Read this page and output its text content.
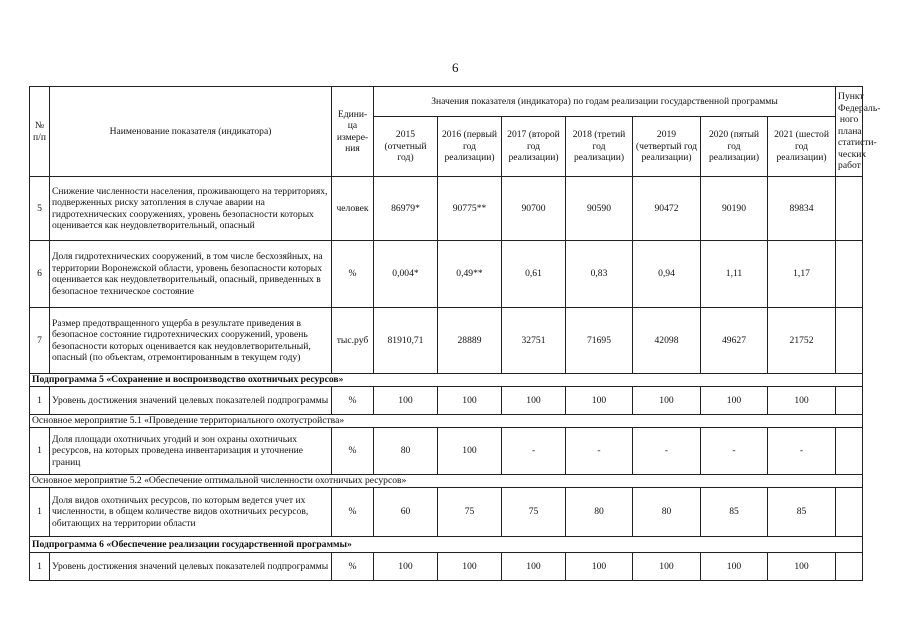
6
№ п/п	Наименование показателя (индикатора)	Едини- ца измере- ния	Значения показателя (индикатора) по годам реализации государственной программы							Пункт Федераль- ного плана статисти- ческих работ
			2015 (отчетный год)	2016 (первый год реализации)	2017 (второй год реализации)	2018 (третий год реализации)	2019 (четвертый год реализации)	2020 (пятый год реализации)	2021 (шестой год реализации)	
5	Снижение численности населения, проживающего на территориях, подверженных риску затопления в случае аварии на гидротехнических сооружениях, уровень безопасности которых оценивается как неудовлетворительный, опасный	человек	86979*	90775**	90700	90590	90472	90190	89834	
6	Доля гидротехнических сооружений, в том числе бесхозяйных, на территории Воронежской области, уровень безопасности которых оценивается как неудовлетворительный, опасный, приведенных в безопасное техническое состояние	%	0,004*	0,49**	0,61	0,83	0,94	1,11	1,17	
7	Размер предотвращенного ущерба в результате приведения в безопасное состояние гидротехнических сооружений, уровень безопасности которых оценивается как неудовлетворительный, опасный (по объектам, отремонтированным в текущем году)	тыс.руб	81910,71	28889	32751	71695	42098	49627	21752	
Подпрограмма 5 «Сохранение и воспроизводство охотничьих ресурсов»										
1	Уровень достижения значений целевых показателей подпрограммы	%	100	100	100	100	100	100	100	
Основное мероприятие 5.1 «Проведение территориального охотустройства»										
1	Доля площади охотничьих угодий и зон охраны охотничьих ресурсов, на которых проведена инвентаризация и уточнение границ	%	80	100	-	-	-	-	-	
Основное мероприятие 5.2 «Обеспечение оптимальной численности охотничьих ресурсов»										
1	Доля видов охотничьих ресурсов, по которым ведется учет их численности, в общем количестве видов охотничьих ресурсов, обитающих на территории области	%	60	75	75	80	80	85	85	
Подпрограмма 6 «Обеспечение реализации государственной программы»										
1	Уровень достижения значений целевых показателей подпрограммы	%	100	100	100	100	100	100	100	
